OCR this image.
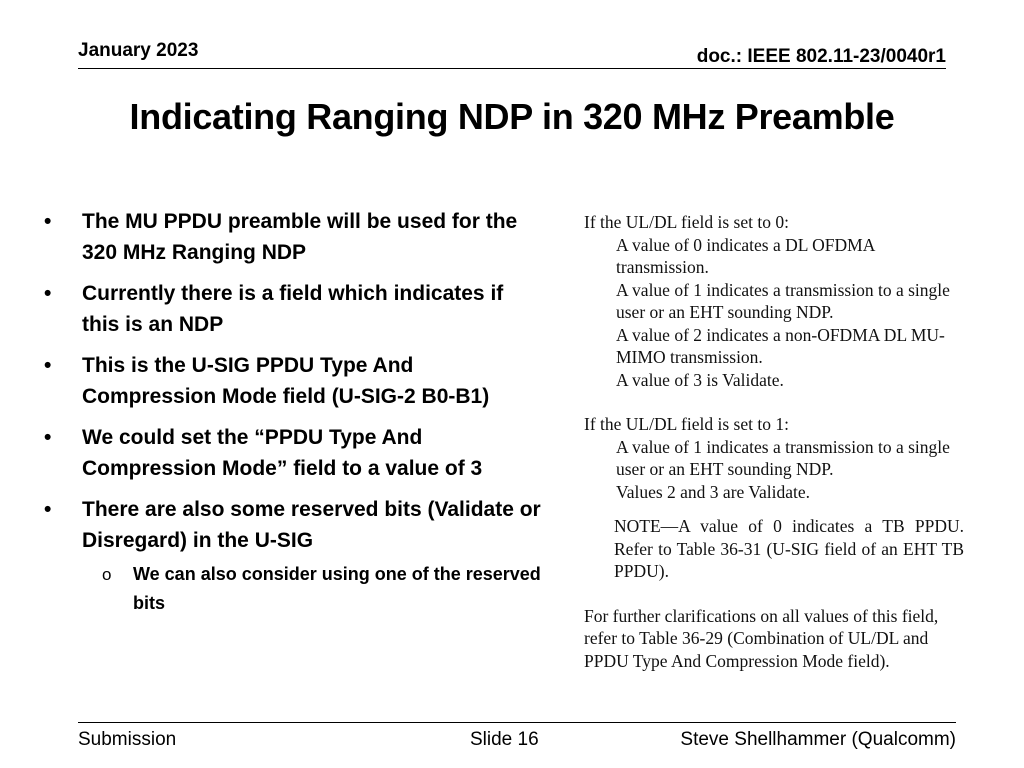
January 2023	doc.: IEEE 802.11-23/0040r1
Indicating Ranging NDP in 320 MHz Preamble
• The MU PPDU preamble will be used for the 320 MHz Ranging NDP
• Currently there is a field which indicates if this is an NDP
• This is the U-SIG PPDU Type And Compression Mode field (U-SIG-2 B0-B1)
• We could set the “PPDU Type And Compression Mode” field to a value of 3
• There are also some reserved bits (Validate or Disregard) in the U-SIG
o We can also consider using one of the reserved bits

If the UL/DL field is set to 0:

A value of 0 indicates a DL OFDMA transmission.

A value of 1 indicates a transmission to a single user or an EHT sounding NDP.

A value of 2 indicates a non-OFDMA DL MU-MIMO transmission.

A value of 3 is Validate.

If the UL/DL field is set to 1:

A value of 1 indicates a transmission to a single user or an EHT sounding NDP.

Values 2 and 3 are Validate.

NOTE—A value of 0 indicates a TB PPDU. Refer to Table 36-31 (U-SIG field of an EHT TB PPDU).

For further clarifications on all values of this field, refer to Table 36-29 (Combination of UL/DL and PPDU Type And Compression Mode field).

Submission	Slide 16	Steve Shellhammer (Qualcomm)
